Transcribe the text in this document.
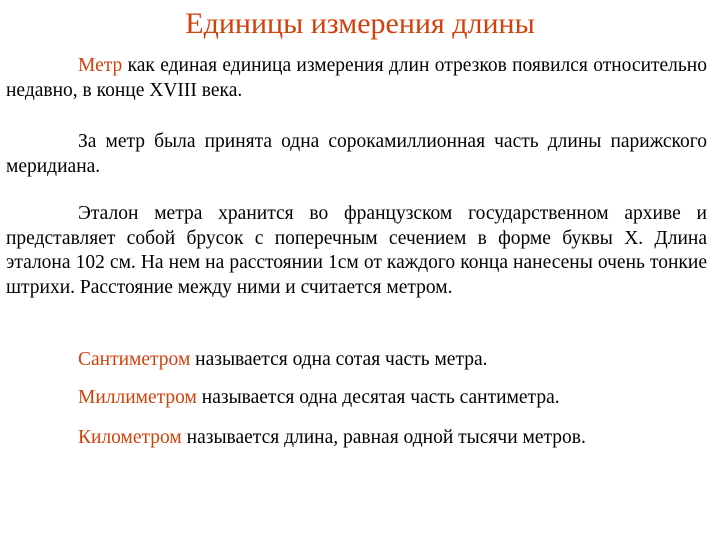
Единицы измерения длины

Метр как единая единица измерения длин отрезков появился относительно недавно, в конце XVIII века.

За метр была принята одна сорокамиллионная часть длины парижского меридиана.

Эталон метра хранится во французском государственном архиве и представляет собой брусок с поперечным сечением в форме буквы X. Длина эталона 102 см. На нем на расстоянии 1см от каждого конца нанесены очень тонкие штрихи. Расстояние между ними и считается метром.

Сантиметром называется одна сотая часть метра.

Миллиметром называется одна десятая часть сантиметра.

Километром называется длина, равная одной тысячи метров.
